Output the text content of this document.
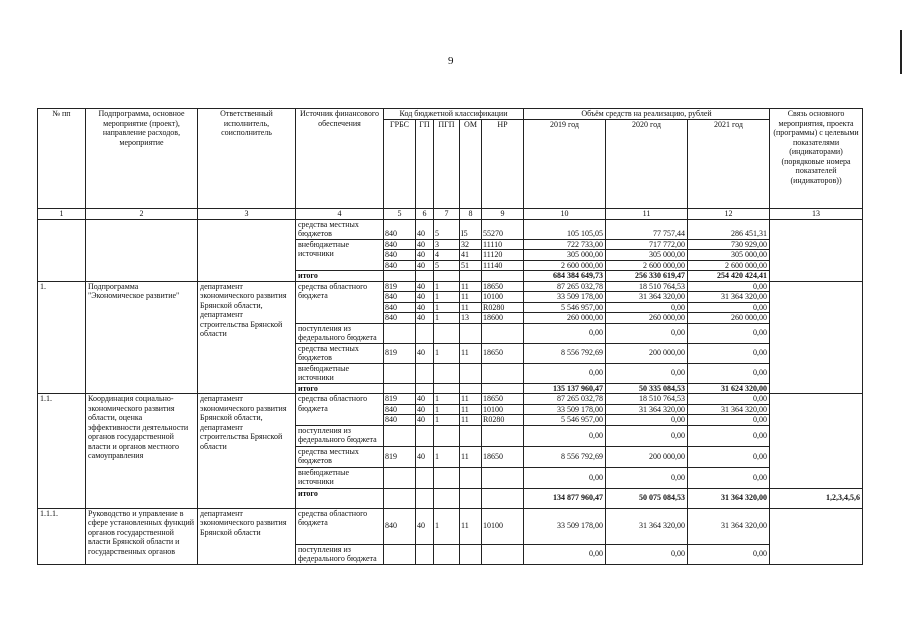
9
№ пп	Подпрограмма, основное мероприятие (проект), направление расходов, мероприятие	Ответственный исполнитель, соисполнитель	Источник финансового обеспечения	Код бюджетной классификации					Объём средств на реализацию, рублей			Связь основного мероприятия, проекта (программы) с целевыми показателями (индикаторами) (порядковые номера показателей (индикаторов))
				ГРБС	ГП	ПГП	ОМ	НР	2019 год	2020 год	2021 год	
1	2	3	4	5	6	7	8	9	10	11	12	13
			средства местных бюджетов	840	40	5	I5	55270	105 105,05	77 757,44	286 451,31	
			внебюджетные источники	840	40	3	32	11110	722 733,00	717 772,00	730 929,00	
				840	40	4	41	11120	305 000,00	305 000,00	305 000,00	
				840	40	5	51	11140	2 600 000,00	2 600 000,00	2 600 000,00	
			итого						684 384 649,73	256 330 619,47	254 420 424,41	
1.	Подпрограмма "Экономическое развитие"	департамент экономического развития Брянской области, департамент строительства Брянской области	средства областного бюджета	819	40	1	11	18650	87 265 032,78	18 510 764,53	0,00	
				840	40	1	11	10100	33 509 178,00	31 364 320,00	31 364 320,00	
				840	40	1	11	R0280	5 546 957,00	0,00	0,00	
				840	40	1	13	18600	260 000,00	260 000,00	260 000,00	
			поступления из федерального бюджета						0,00	0,00	0,00	
			средства местных бюджетов	819	40	1	11	18650	8 556 792,69	200 000,00	0,00	
			внебюджетные источники						0,00	0,00	0,00	
			итого						135 137 960,47	50 335 084,53	31 624 320,00	
1.1.	Координация социально-экономического развития области, оценка эффективности деятельности органов государственной власти и органов местного самоуправления	департамент экономического развития Брянской области, департамент строительства Брянской области	средства областного бюджета	819	40	1	11	18650	87 265 032,78	18 510 764,53	0,00	
				840	40	1	11	10100	33 509 178,00	31 364 320,00	31 364 320,00	
				840	40	1	11	R0280	5 546 957,00	0,00	0,00	
			поступления из федерального бюджета						0,00	0,00	0,00	
			средства местных бюджетов	819	40	1	11	18650	8 556 792,69	200 000,00	0,00	
			внебюджетные источники						0,00	0,00	0,00	
			итого						134 877 960,47	50 075 084,53	31 364 320,00	1,2,3,4,5,6
1.1.1.	Руководство и управление в сфере установленных функций органов государственной власти Брянской области и государственных органов	департамент экономического развития Брянской области	средства областного бюджета	840	40	1	11	10100	33 509 178,00	31 364 320,00	31 364 320,00	
			поступления из федерального бюджета						0,00	0,00	0,00	
